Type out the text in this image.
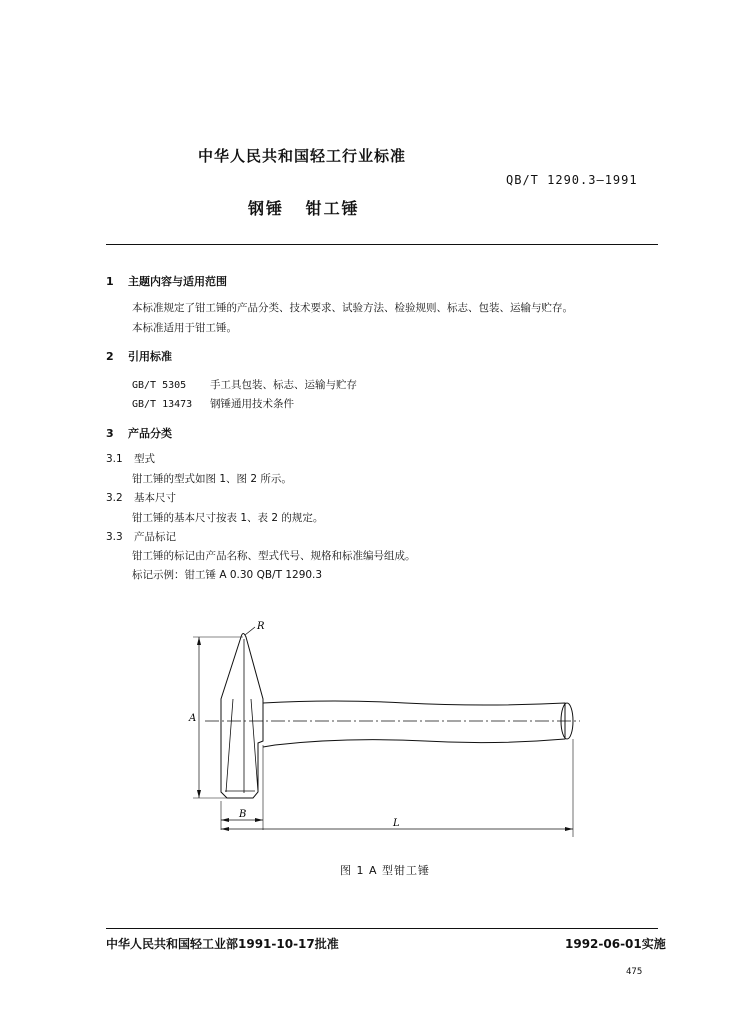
中华人民共和国轻工行业标准
QB/T 1290.3—1991
钢锤 钳工锤
1 主题内容与适用范围
本标准规定了钳工锤的产品分类、技术要求、试验方法、检验规则、标志、包装、运输与贮存。
本标准适用于钳工锤。
2 引用标准
GB/T 5305 手工具包装、标志、运输与贮存
GB/T 13473 钢锤通用技术条件
3 产品分类
3.1 型式
钳工锤的型式如图 1、图 2 所示。
3.2 基本尺寸
钳工锤的基本尺寸按表 1、表 2 的规定。
3.3 产品标记
钳工锤的标记由产品名称、型式代号、规格和标准编号组成。
标记示例：钳工锤 A 0.30 QB/T 1290.3
R
A
B
L
图 1 A 型钳工锤
中华人民共和国轻工业部1991-10-17批准	1992-06-01实施
475
